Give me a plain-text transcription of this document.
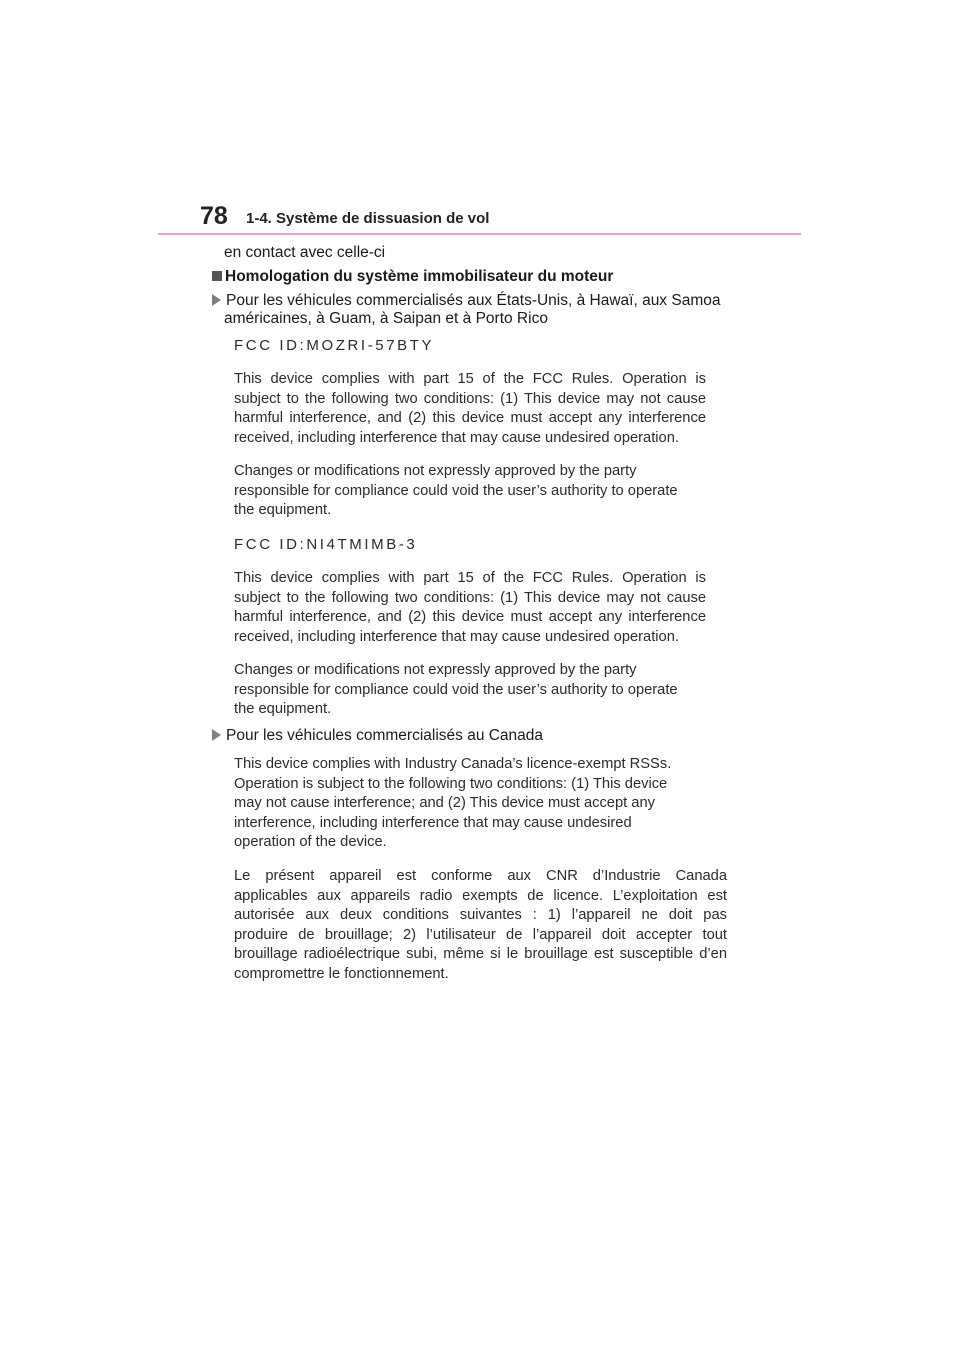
78 1-4. Système de dissuasion de vol
en contact avec celle-ci
Homologation du système immobilisateur du moteur
Pour les véhicules commercialisés aux États-Unis, à Hawaï, aux Samoa
américaines, à Guam, à Saipan et à Porto Rico
FCC ID:MOZRI-57BTY
This device complies with part 15 of the FCC Rules. Operation is
subject to the following two conditions: (1) This device may not cause
harmful interference, and (2) this device must accept any interference
received, including interference that may cause undesired operation.
Changes or modifications not expressly approved by the party
responsible for compliance could void the user’s authority to operate
the equipment.
FCC ID:NI4TMIMB-3
This device complies with part 15 of the FCC Rules. Operation is
subject to the following two conditions: (1) This device may not cause
harmful interference, and (2) this device must accept any interference
received, including interference that may cause undesired operation.
Changes or modifications not expressly approved by the party
responsible for compliance could void the user’s authority to operate
the equipment.
Pour les véhicules commercialisés au Canada
This device complies with Industry Canada’s licence-exempt RSSs.
Operation is subject to the following two conditions: (1) This device
may not cause interference; and (2) This device must accept any
interference, including interference that may cause undesired
operation of the device.
Le présent appareil est conforme aux CNR d’Industrie Canada
applicables aux appareils radio exempts de licence. L’exploitation est
autorisée aux deux conditions suivantes : 1) l’appareil ne doit pas
produire de brouillage; 2) l’utilisateur de l’appareil doit accepter tout
brouillage radioélectrique subi, même si le brouillage est susceptible d’en
compromettre le fonctionnement.
